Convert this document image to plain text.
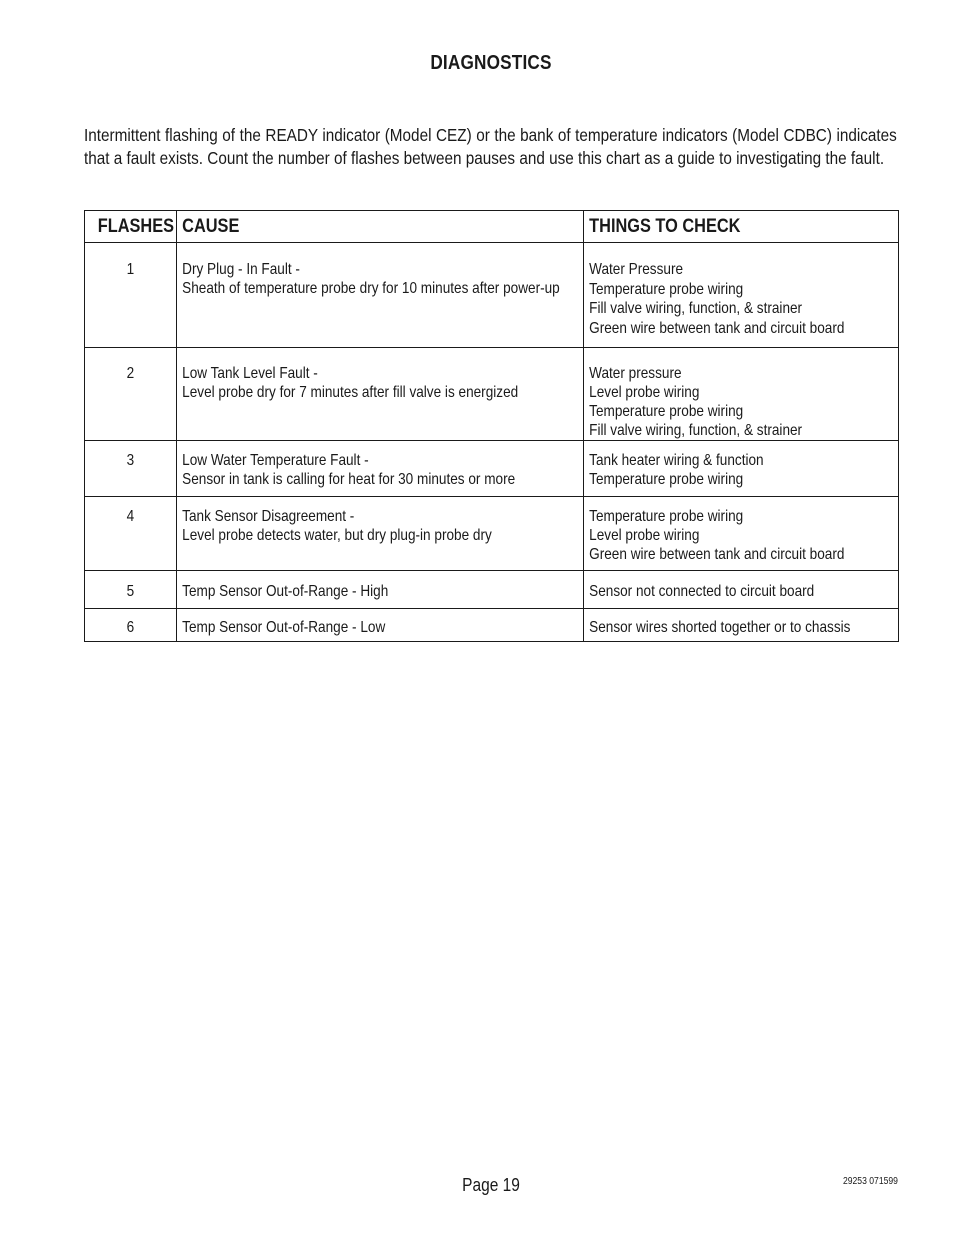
DIAGNOSTICS
Intermittent flashing of the READY indicator (Model CEZ) or the bank of temperature indicators (Model CDBC) indicates that a fault exists. Count the number of flashes between pauses and use this chart as a guide to investigating the fault.
FLASHES	CAUSE	THINGS TO CHECK

1	Dry Plug - In Fault -
Sheath of temperature probe dry for 10 minutes after power-up	Water Pressure
Temperature probe wiring
Fill valve wiring, function, & strainer
Green wire between tank and circuit board

2	Low Tank Level Fault -
Level probe dry for 7 minutes after fill valve is energized	Water pressure
Level probe wiring
Temperature probe wiring
Fill valve wiring, function, & strainer

3	Low Water Temperature Fault -
Sensor in tank is calling for heat for 30 minutes or more	Tank heater wiring & function
Temperature probe wiring

4	Tank Sensor Disagreement -
Level probe detects water, but dry plug-in probe dry	Temperature probe wiring
Level probe wiring
Green wire between tank and circuit board

5	Temp Sensor Out-of-Range - High	Sensor not connected to circuit board

6	Temp Sensor Out-of-Range - Low	Sensor wires shorted together or to chassis
Page 19	29253 071599
